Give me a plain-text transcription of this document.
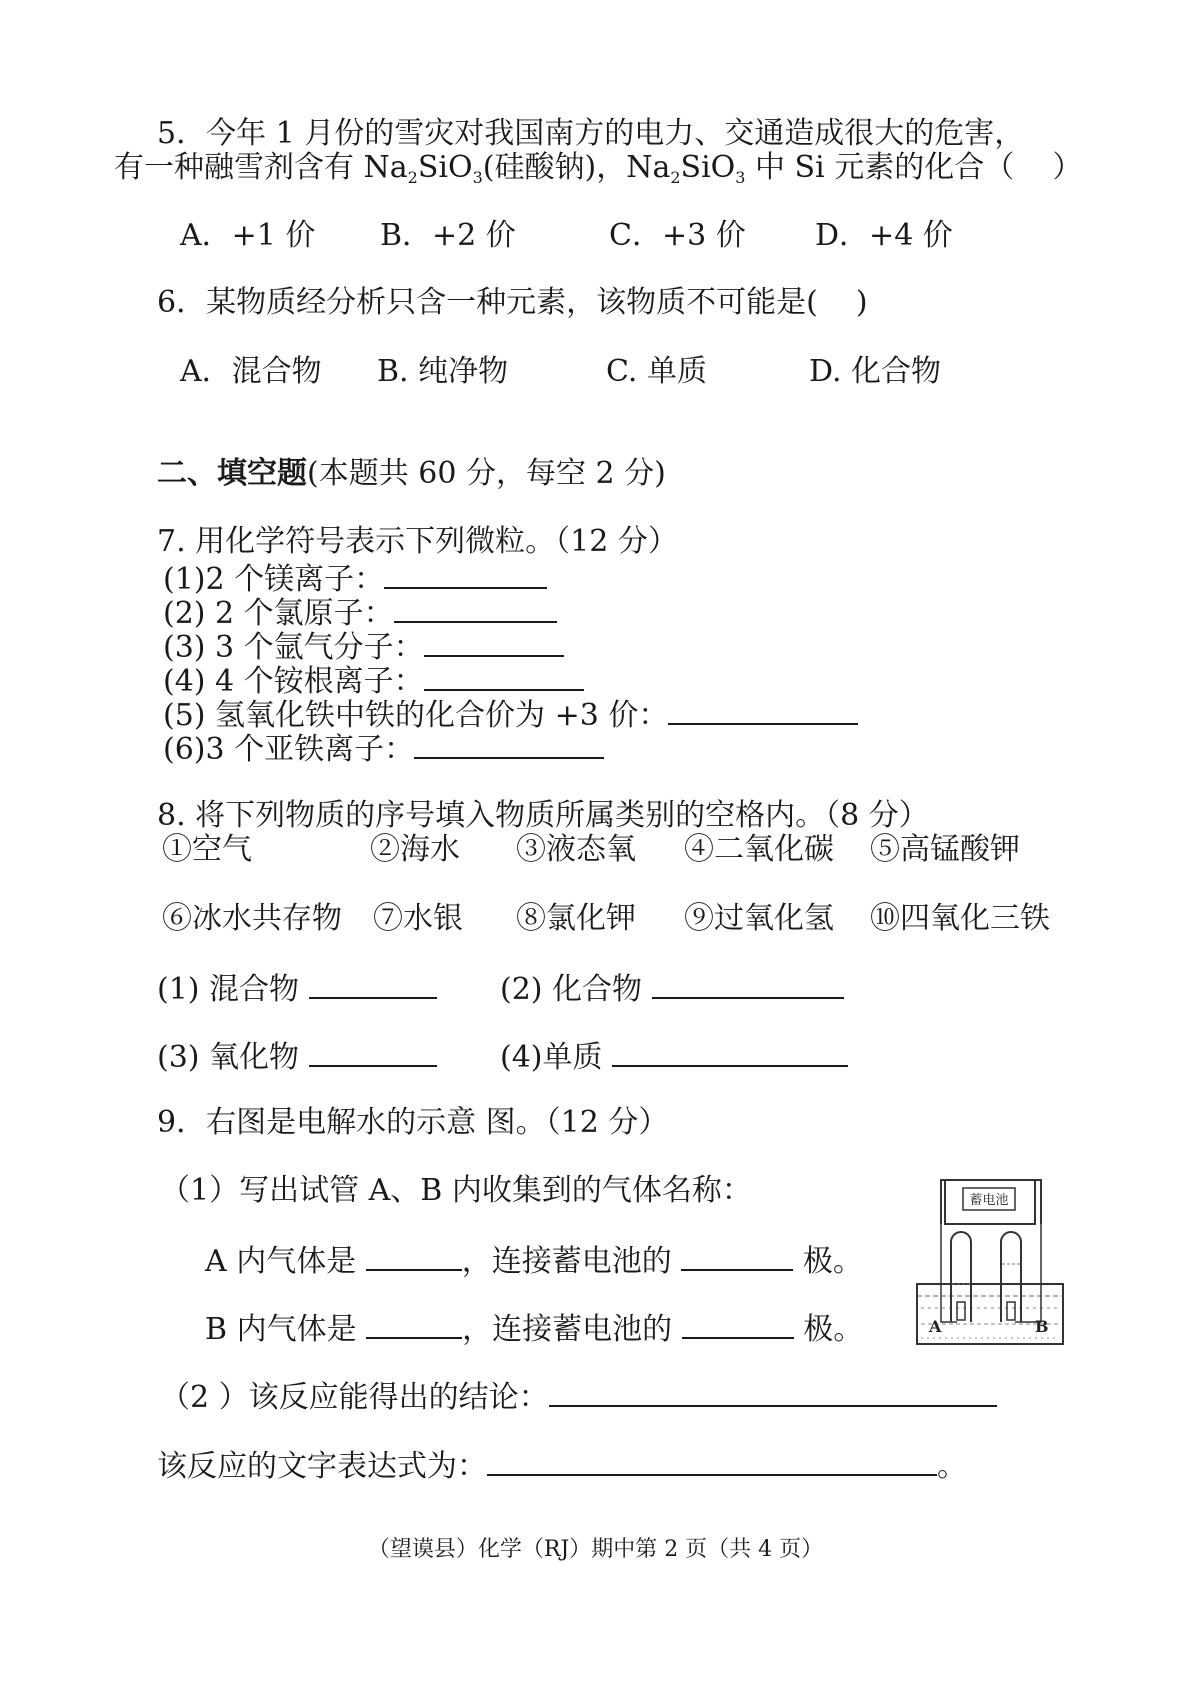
5．今年 1 月份的雪灾对我国南方的电力、交通造成很大的危害，
有一种融雪剂含有 $Na_2SiO_3$(硅酸钠)，$Na_2SiO_3$ 中 Si 元素的化合（    ）
A．+1 价 B．+2 价	C．+3 价 D．+4 价
6．某物质经分析只含一种元素，该物质不可能是(    )
A．混合物 B. 纯净物	C. 单质	D. 化合物
二、填空题(本题共 60 分，每空 2 分)
7. 用化学符号表示下列微粒。（12 分）
(1)2 个镁离子：
(2) 2 个氯原子：
(3) 3 个氩气分子：
(4) 4 个铵根离子：
(5) 氢氧化铁中铁的化合价为 +3 价：
(6)3 个亚铁离子：
8. 将下列物质的序号填入物质所属类别的空格内。（8 分）
①空气	②海水 ③液态氧 ④二氧化碳 ⑤高锰酸钾
⑥冰水共存物 ⑦水银 ⑧氯化钾 ⑨过氧化氢 ⑩四氧化三铁
(1) 混合物	(2) 化合物
(3) 氧化物	(4)单质
9．右图是电解水的示意 图。（12 分）
（1）写出试管 A、B 内收集到的气体名称：
A 内气体是	，连接蓄电池的	极。
B 内气体是	，连接蓄电池的	极。
（2 ）该反应能得出的结论：
该反应的文字表达式为：	。
蓄电池
A	B
（望谟县）化学（RJ）期中第 2 页（共 4 页）
